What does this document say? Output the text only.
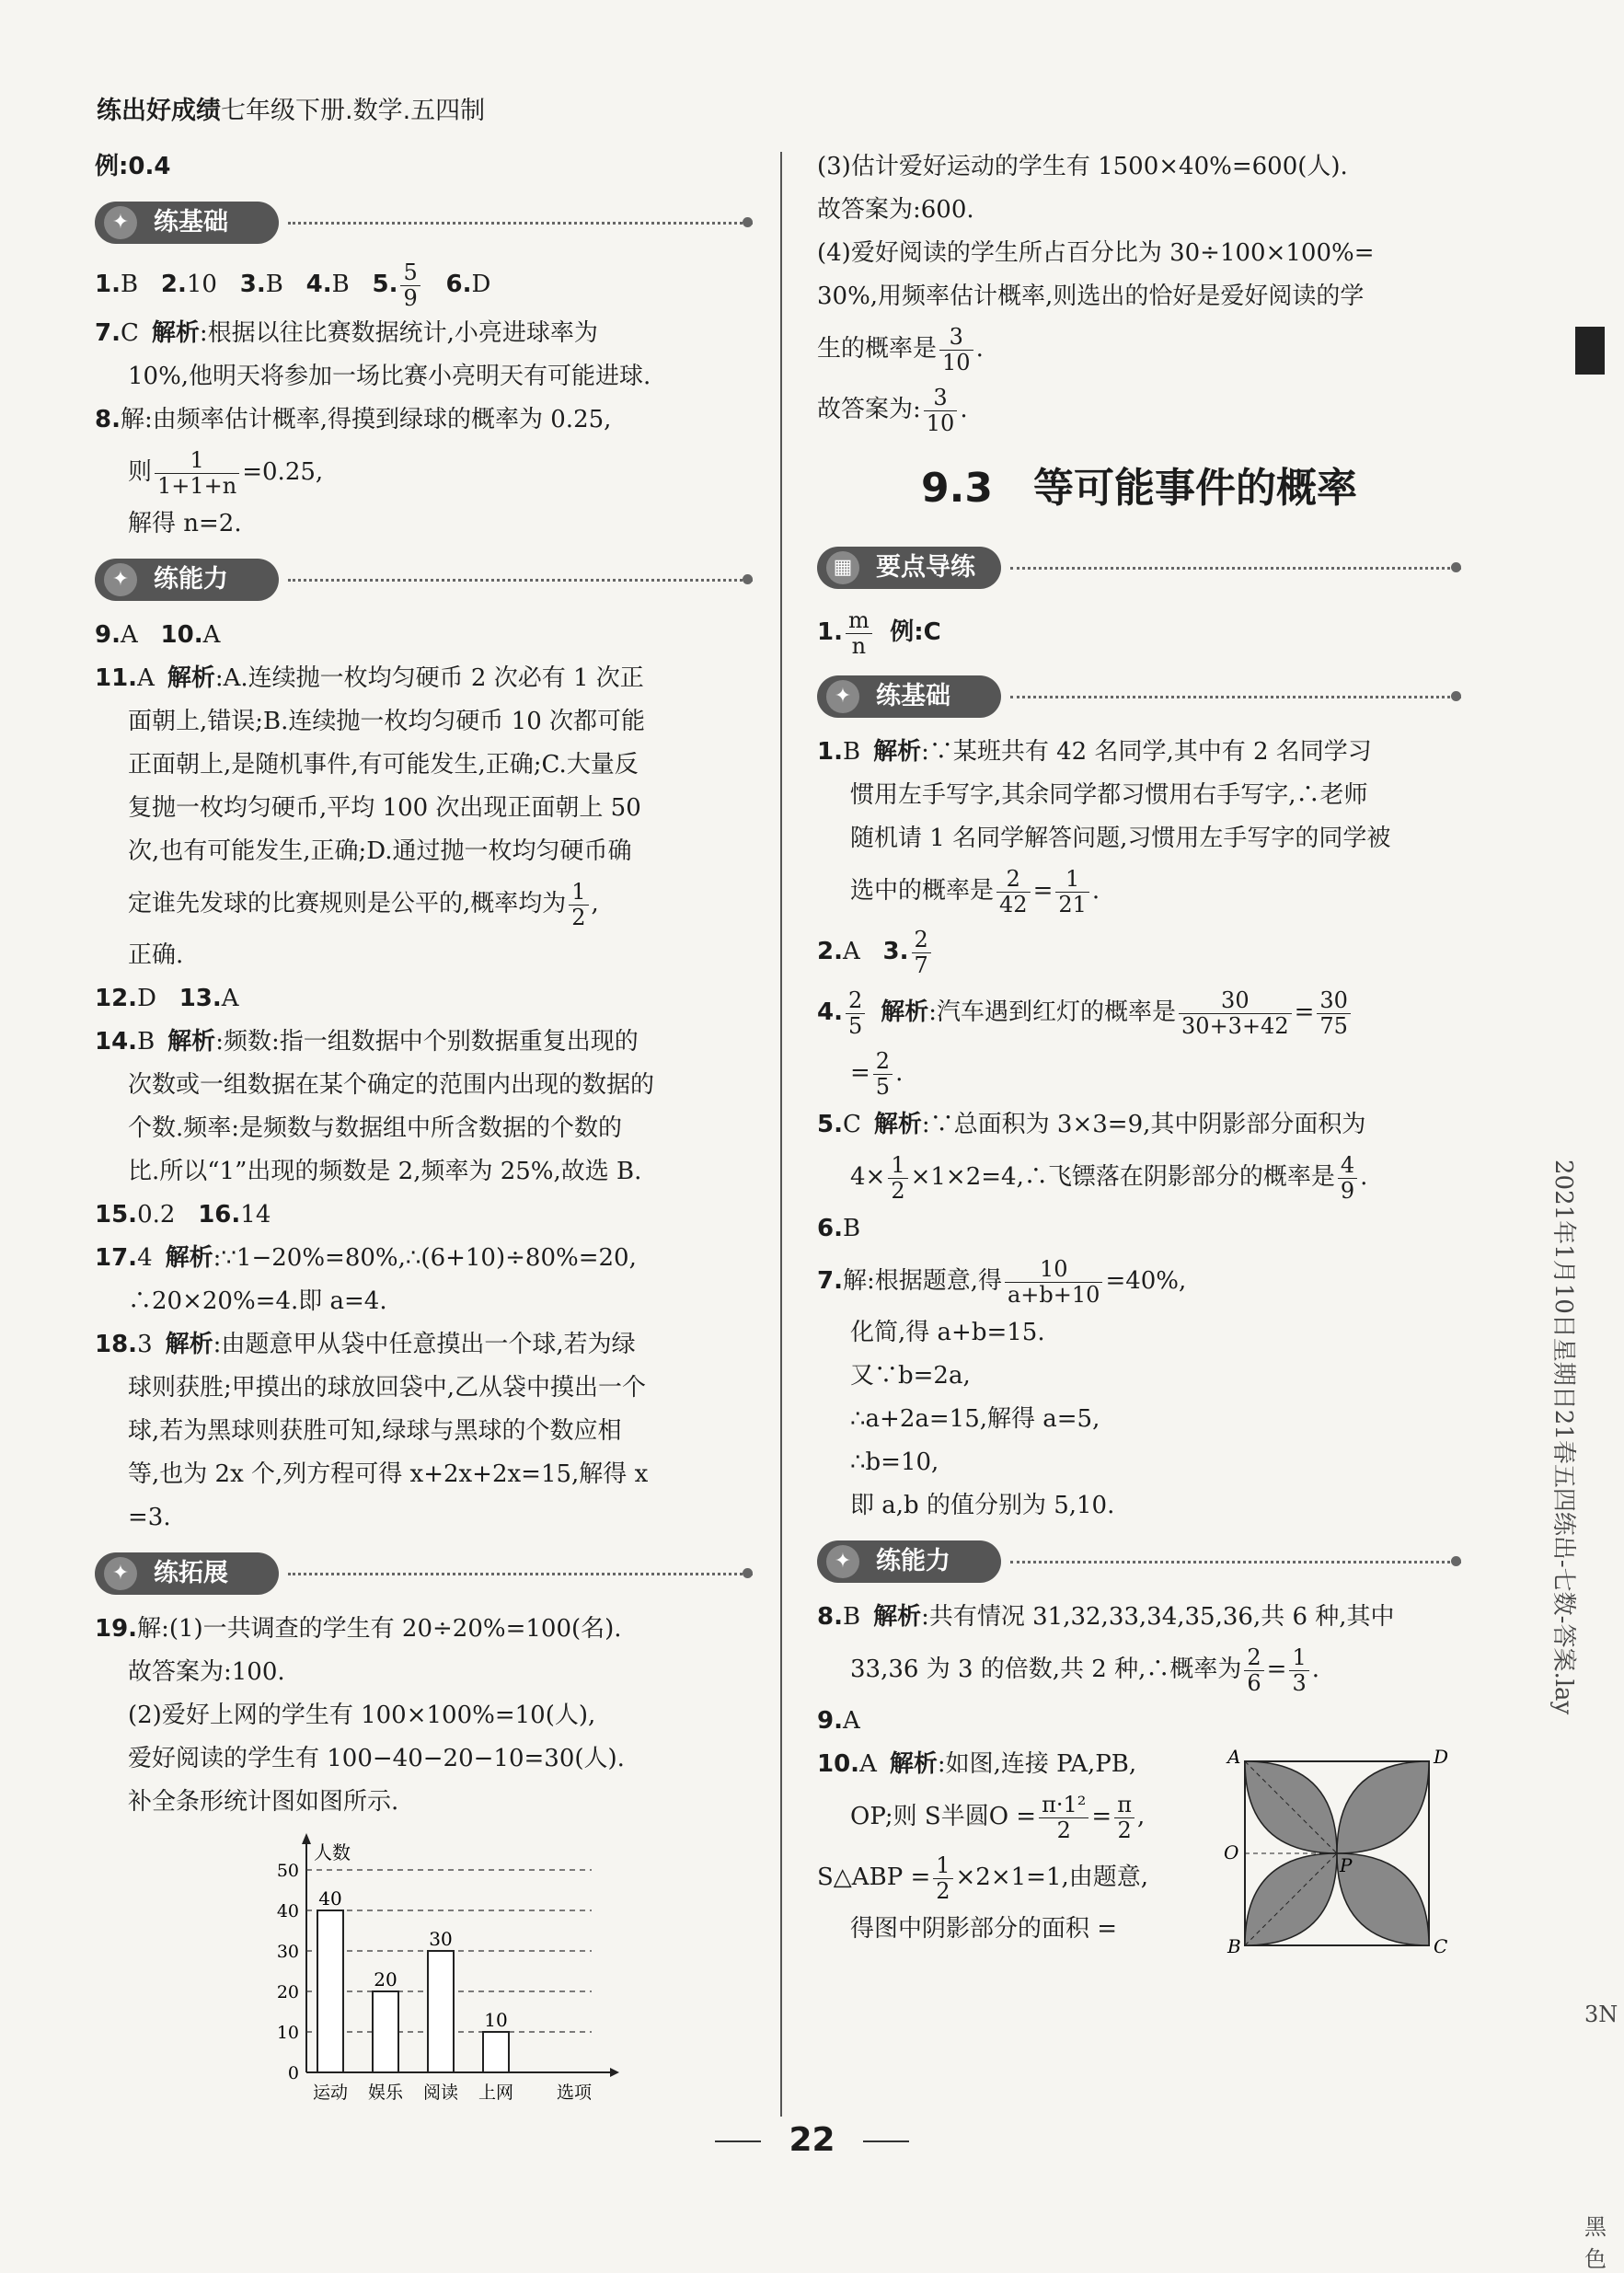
练出好成绩七年级下册.数学.五四制
例:0.4
✦ 练基础
1.B 2.10 3.B 4.B 5. $\frac{5}{9} 6.D$
7.C 解析:根据以往比赛数据统计,小亮进球率为
10%,他明天将参加一场比赛小亮明天有可能进球.
8.解:由频率估计概率,得摸到绿球的概率为 0.25,
则 $\frac{1}{1+1+n} =0.25$,
解得 n=2.
✦ 练能力
9.A 10.A
11.A 解析:A.连续抛一枚均匀硬币 2 次必有 1 次正
面朝上,错误;B.连续抛一枚均匀硬币 10 次都可能
正面朝上,是随机事件,有可能发生,正确;C.大量反
复抛一枚均匀硬币,平均 100 次出现正面朝上 50
次,也有可能发生,正确;D.通过抛一枚均匀硬币确
定谁先发球的比赛规则是公平的,概率均为 $\frac{1}{2}$ ,
正确.
12.D 13.A
14.B 解析:频数:指一组数据中个别数据重复出现的
次数或一组数据在某个确定的范围内出现的数据的
个数.频率:是频数与数据组中所含数据的个数的
比.所以“1”出现的频数是 2,频率为 25%,故选 B.
15.0.2 16.14
17.4 解析:∵1−20%=80%,∴(6+10)÷80%=20,
∴20×20%=4.即 a=4.
18.3 解析:由题意甲从袋中任意摸出一个球,若为绿
球则获胜;甲摸出的球放回袋中,乙从袋中摸出一个
球,若为黑球则获胜可知,绿球与黑球的个数应相
等,也为 2x 个,列方程可得 x+2x+2x=15,解得 x
=3.
✦ 练拓展
19.解:(1)一共调查的学生有 20÷20%=100(名).
故答案为:100.
(2)爱好上网的学生有 100×100%=10(人),
爱好阅读的学生有 100−40−20−10=30(人).
补全条形统计图如图所示.
0
10
20
30
40
50
人数
40
运动
20
娱乐
30
阅读
10
上网 选项
(3)估计爱好运动的学生有 1500×40%=600(人).
故答案为:600.
(4)爱好阅读的学生所占百分比为 30÷100×100%=
30%,用频率估计概率,则选出的恰好是爱好阅读的学
生的概率是 $\frac{3}{10}$ .
故答案为: $\frac{3}{10}$ .
9.3　等可能事件的概率
▦ 要点导练
1. $\frac{m}{n}$ 例:C
✦ 练基础
1.B 解析:∵某班共有 42 名同学,其中有 2 名同学习
惯用左手写字,其余同学都习惯用右手写字,∴老师
随机请 1 名同学解答问题,习惯用左手写字的同学被
选中的概率是 $\frac{2}{42} = \frac{1}{21}$ .
2.A 3. $\frac{2}{7}$
4. $\frac{2}{5}$ 解析:汽车遇到红灯的概率是 $\frac{30}{30+3+42} = \frac{30}{75}$
= $\frac{2}{5}$ .
5.C 解析:∵总面积为 3×3=9,其中阴影部分面积为
$4\times \frac{1}{2}$ ×1×2=4,∴飞镖落在阴影部分的概率是 $\frac{4}{9}$ .
6.B
7.解:根据题意,得 $\frac{10}{a+b+10} =40\%$,
化简,得 a+b=15.
又∵b=2a,
∴a+2a=15,解得 a=5,
∴b=10,
即 a,b 的值分别为 5,10.
✦ 练能力
8.B 解析:共有情况 31,32,33,34,35,36,共 6 种,其中
33,36 为 3 的倍数,共 2 种,∴概率为 $\frac{2}{6} = \frac{1}{3}$ .
9.A
10.A 解析:如图,连接 PA,PB,
OP;则 S半圆$O = \frac{\text{π·1²}}{2} = \frac{\pi}{2}$ ,
S△ABP = $\frac{1}{2} \times 2\times 1=1$,由题意,
得图中阴影部分的面积 =
A	D
B	C
O
P
22
2021年1月10日星期日21春五四练出-七数-答案.lay
3N
黑色
